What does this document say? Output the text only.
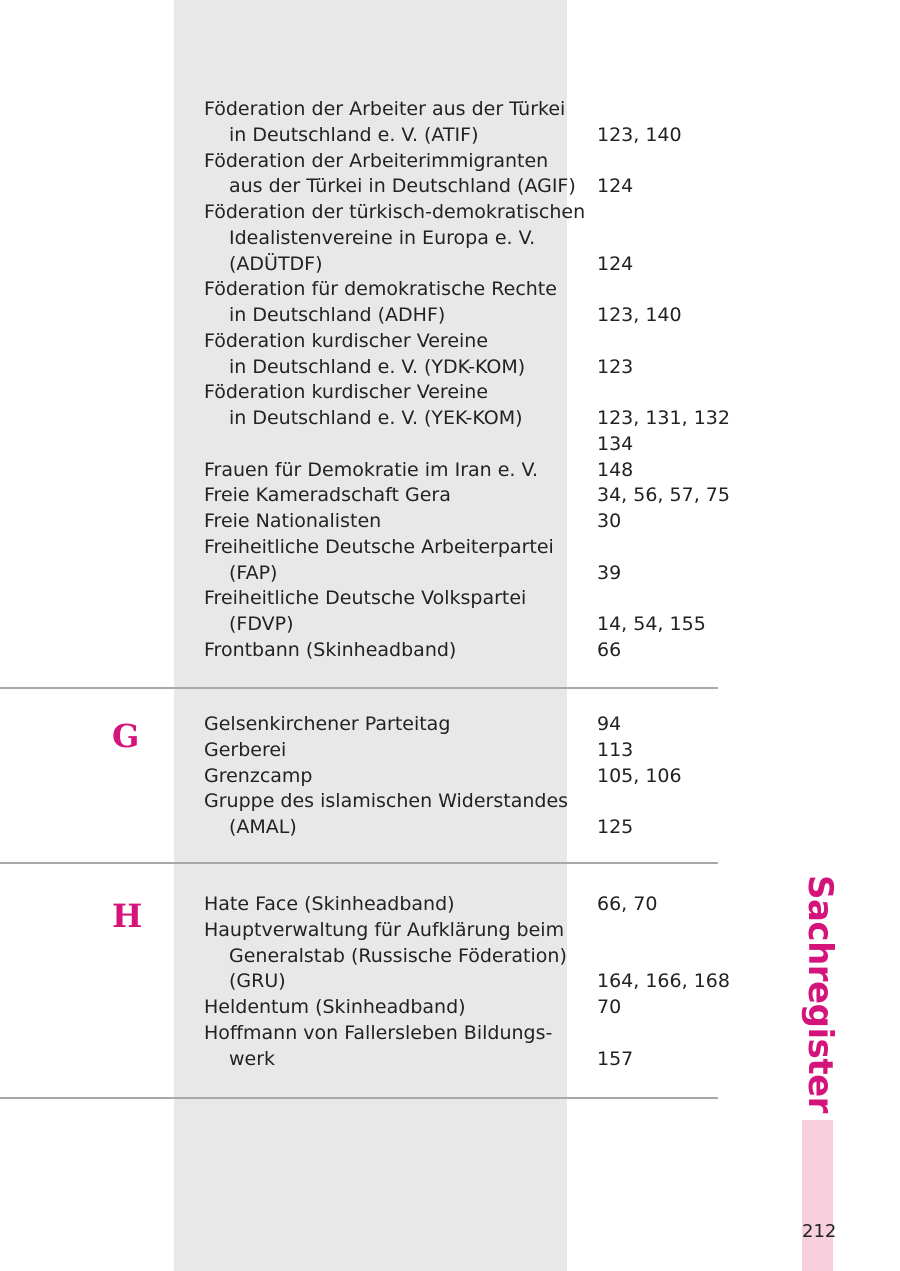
Föderation der Arbeiter aus der Türkei
in Deutschland e. V. (ATIF)	123, 140
Föderation der Arbeiterimmigranten
aus der Türkei in Deutschland (AGIF)	124
Föderation der türkisch-demokratischen
Idealistenvereine in Europa e. V.
(ADÜTDF)	124
Föderation für demokratische Rechte
in Deutschland (ADHF)	123, 140
Föderation kurdischer Vereine
in Deutschland e. V. (YDK-KOM)	123
Föderation kurdischer Vereine
in Deutschland e. V. (YEK-KOM)	123, 131, 132
134
Frauen für Demokratie im Iran e. V.	148
Freie Kameradschaft Gera	34, 56, 57, 75
Freie Nationalisten	30
Freiheitliche Deutsche Arbeiterpartei
(FAP)	39
Freiheitliche Deutsche Volkspartei
(FDVP)	14, 54, 155
Frontbann (Skinheadband)	66
G	Gelsenkirchener Parteitag	94
Gerberei	113
Grenzcamp	105, 106
Gruppe des islamischen Widerstandes
(AMAL)	125
H	Hate Face (Skinheadband)	66, 70
Hauptverwaltung für Aufklärung beim
Generalstab (Russische Föderation)
(GRU)	164, 166, 168
Heldentum (Skinheadband)	70
Hoffmann von Fallersleben Bildungs-
werk	157	Sachregister
212
